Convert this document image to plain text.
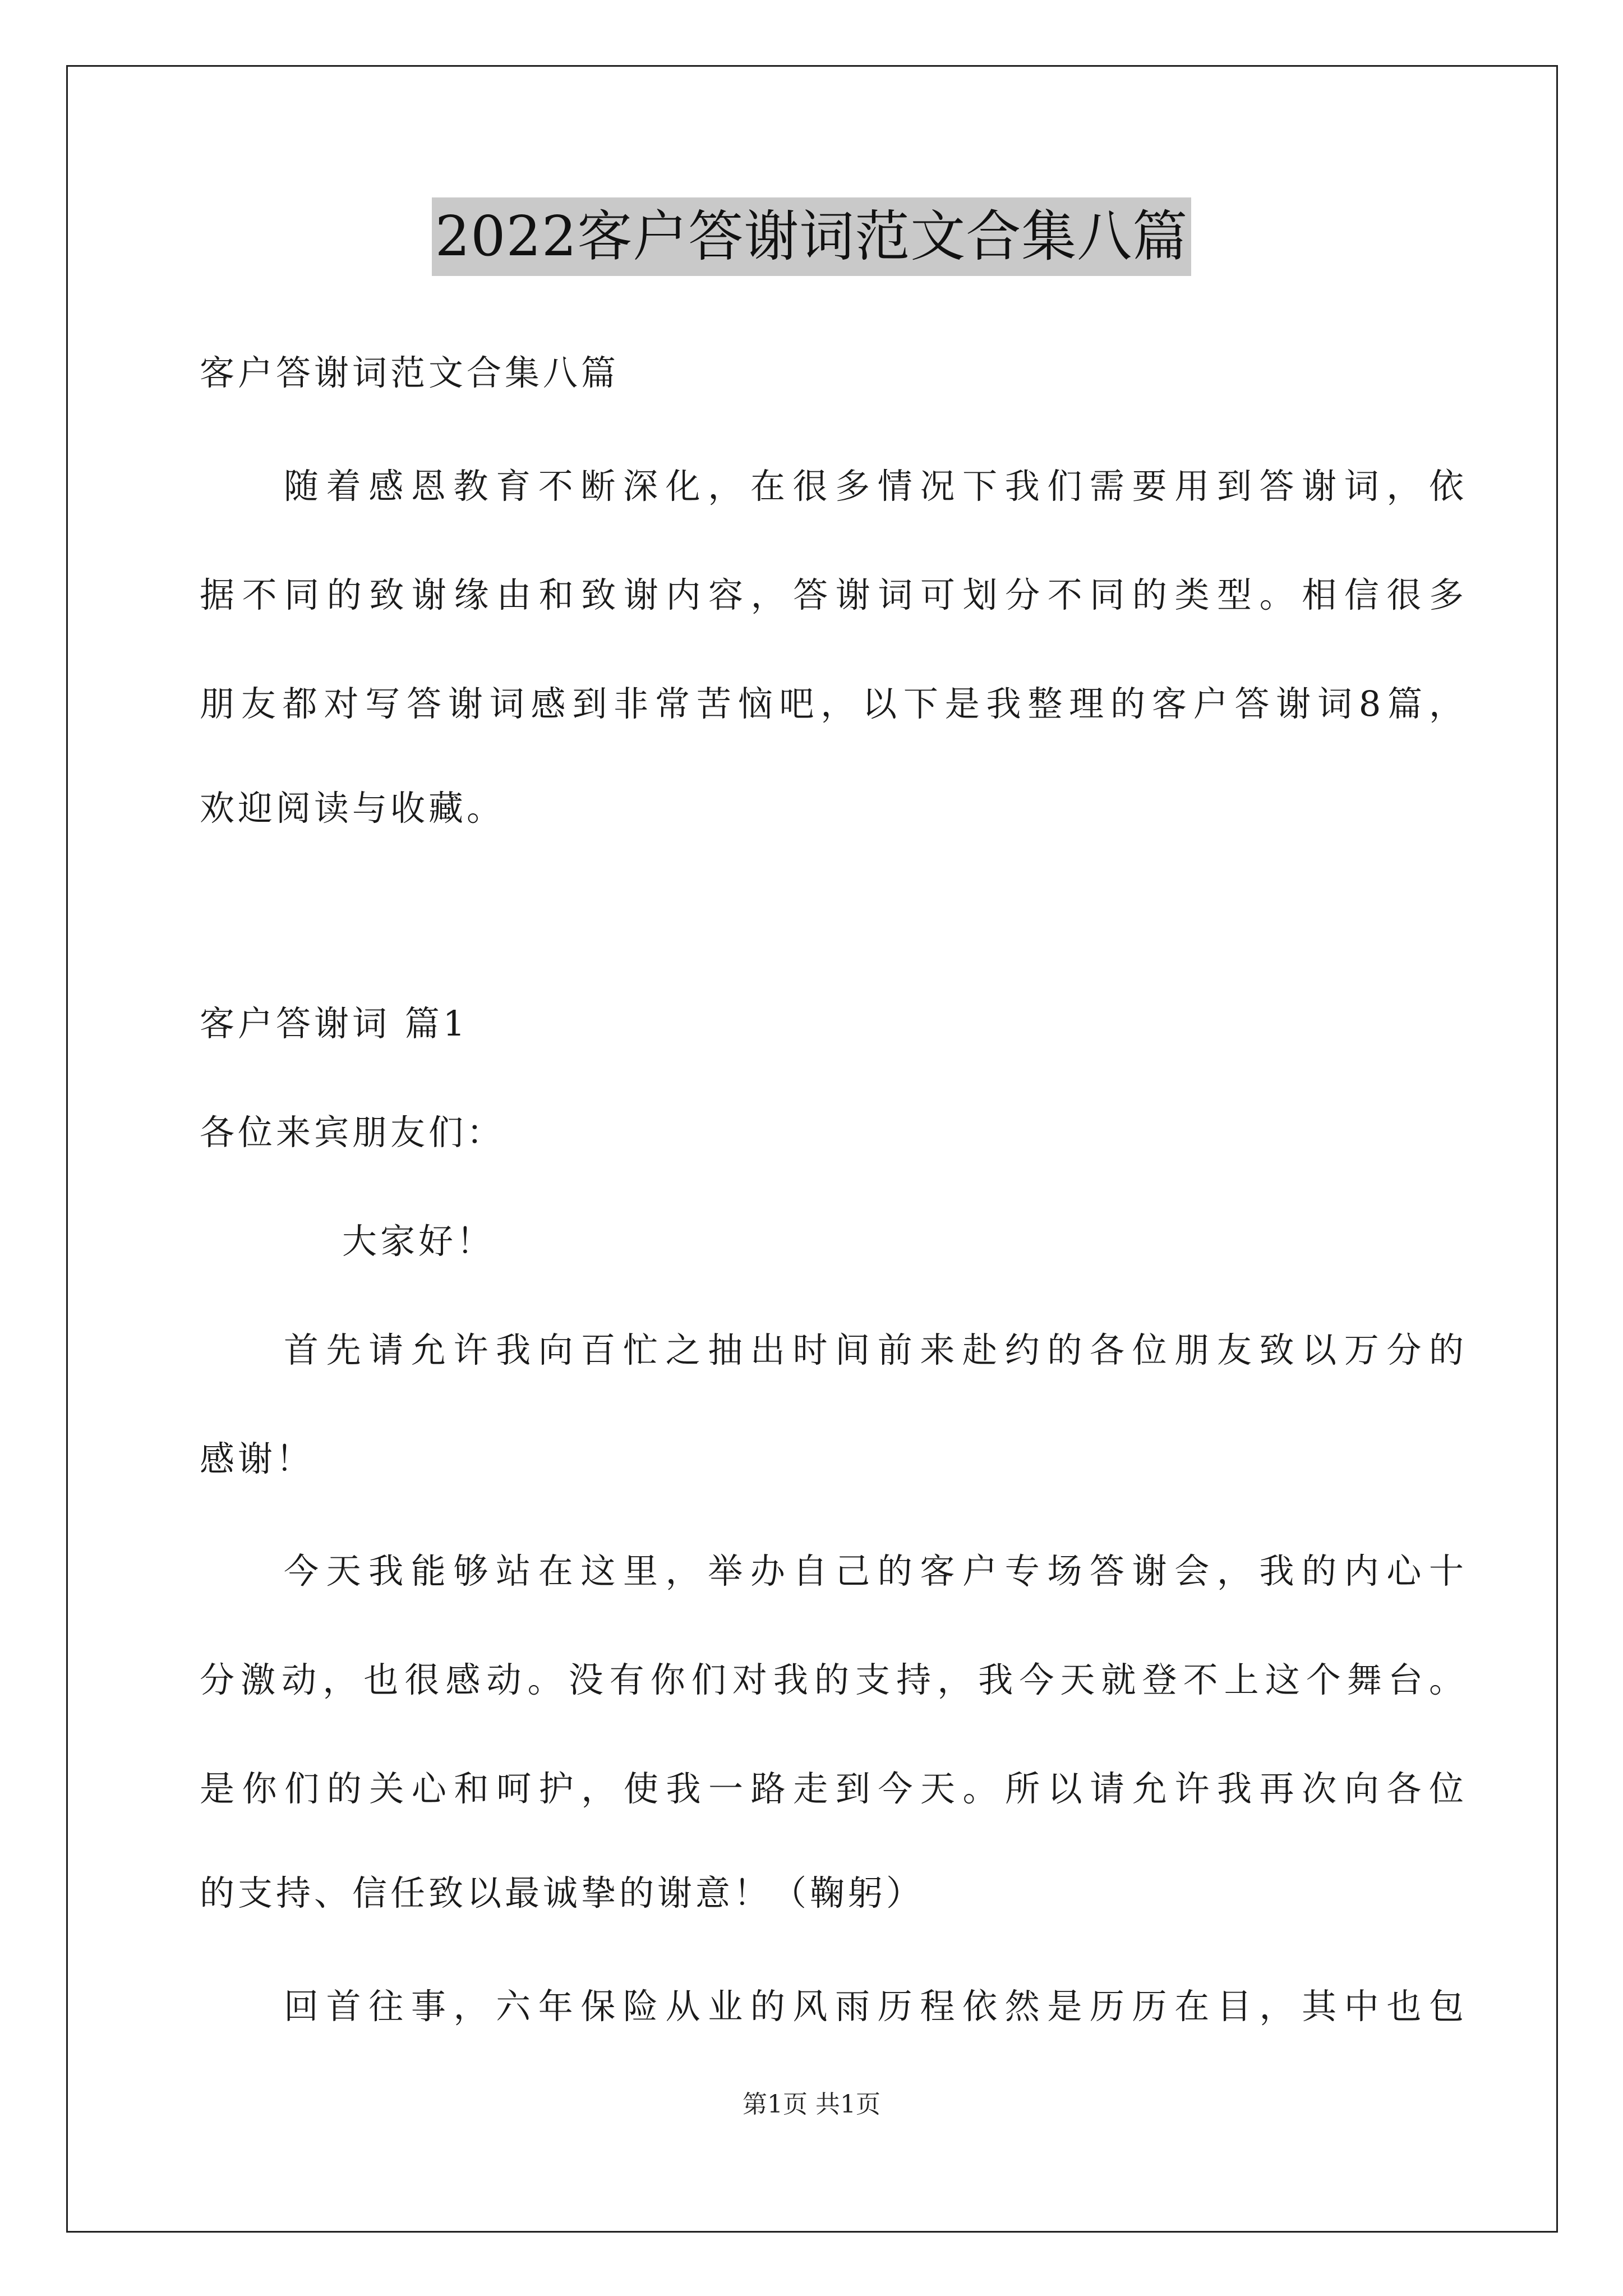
2022客户答谢词范文合集八篇
客户答谢词范文合集八篇
随着感恩教育不断深化，在很多情况下我们需要用到答谢词，依
据不同的致谢缘由和致谢内容，答谢词可划分不同的类型。相信很多
朋友都对写答谢词感到非常苦恼吧，以下是我整理的客户答谢词8篇，
欢迎阅读与收藏。
客户答谢词 篇1
各位来宾朋友们：
大家好！
首先请允许我向百忙之抽出时间前来赴约的各位朋友致以万分的
感谢！
今天我能够站在这里，举办自己的客户专场答谢会，我的内心十
分激动，也很感动。没有你们对我的支持，我今天就登不上这个舞台。
是你们的关心和呵护，使我一路走到今天。所以请允许我再次向各位
的支持、信任致以最诚挚的谢意！（鞠躬）
回首往事，六年保险从业的风雨历程依然是历历在目，其中也包
第1页 共1页
